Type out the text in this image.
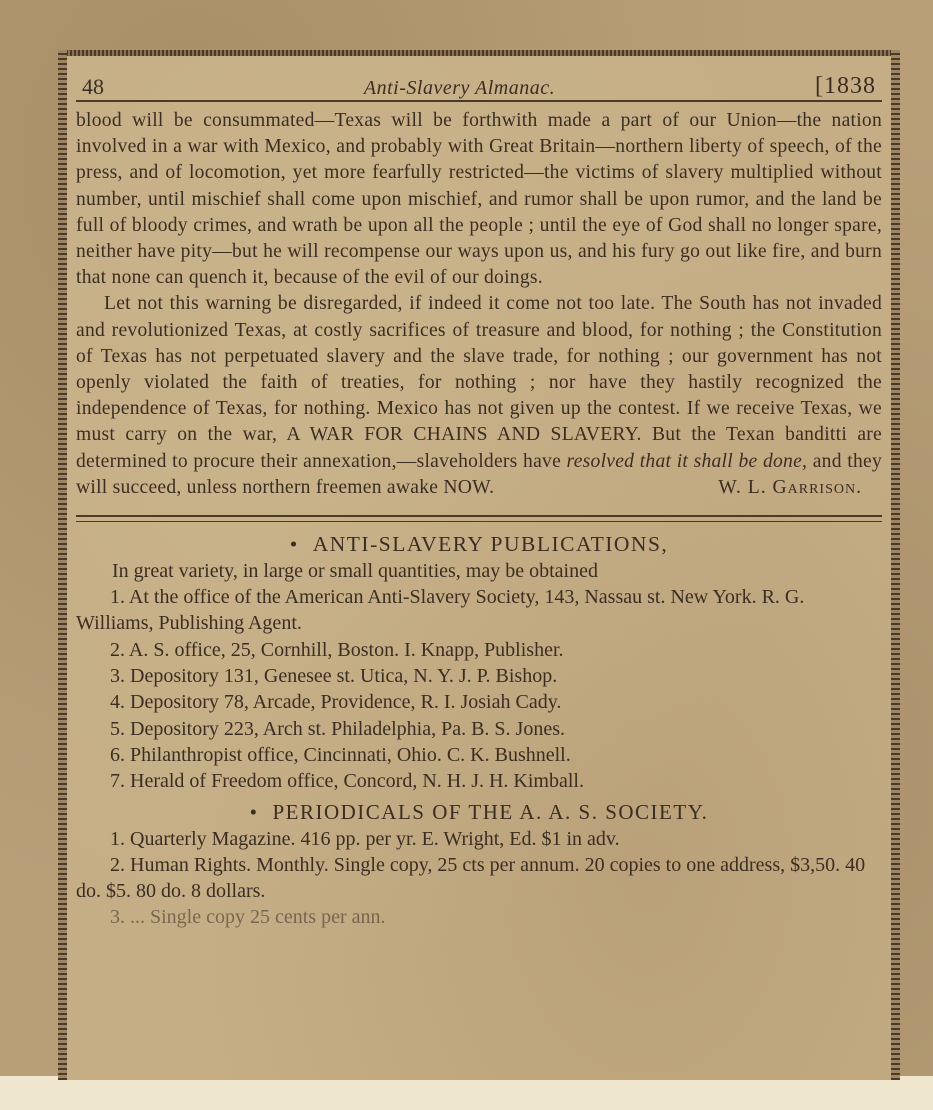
48	Anti-Slavery Almanac.	[1838

blood will be consummated—Texas will be forthwith made a part of our Union—the nation involved in a war with Mexico, and probably with Great Britain—northern liberty of speech, of the press, and of locomotion, yet more fearfully restricted—the victims of slavery multiplied without number, until mischief shall come upon mischief, and rumor shall be upon rumor, and the land be full of bloody crimes, and wrath be upon all the people ; until the eye of God shall no longer spare, neither have pity—but he will recompense our ways upon us, and his fury go out like fire, and burn that none can quench it, because of the evil of our doings.

Let not this warning be disregarded, if indeed it come not too late. The South has not invaded and revolutionized Texas, at costly sacrifices of treasure and blood, for nothing ; the Constitution of Texas has not perpetuated slavery and the slave trade, for nothing ; our government has not openly violated the faith of treaties, for nothing ; nor have they hastily recognized the independence of Texas, for nothing. Mexico has not given up the contest. If we receive Texas, we must carry on the war, A WAR FOR CHAINS AND SLAVERY. But the Texan banditti are determined to procure their annexation,—slaveholders have resolved that it shall be done, and they will succeed, unless northern freemen awake NOW.	W. L. Garrison.

• ANTI-SLAVERY PUBLICATIONS,
In great variety, in large or small quantities, may be obtained
1. At the office of the American Anti-Slavery Society, 143, Nassau st. New York. R. G. Williams, Publishing Agent.
2. A. S. office, 25, Cornhill, Boston. I. Knapp, Publisher.
3. Depository 131, Genesee st. Utica, N. Y. J. P. Bishop.
4. Depository 78, Arcade, Providence, R. I. Josiah Cady.
5. Depository 223, Arch st. Philadelphia, Pa. B. S. Jones.
6. Philanthropist office, Cincinnati, Ohio. C. K. Bushnell.
7. Herald of Freedom office, Concord, N. H. J. H. Kimball.
• PERIODICALS OF THE A. A. S. SOCIETY.
1. Quarterly Magazine. 416 pp. per yr. E. Wright, Ed. $1 in adv.
2. Human Rights. Monthly. Single copy, 25 cts per annum. 20 copies to one address, $3,50. 40 do. $5. 80 do. 8 dollars.
3. ... Single copy 25 cents per ann.
